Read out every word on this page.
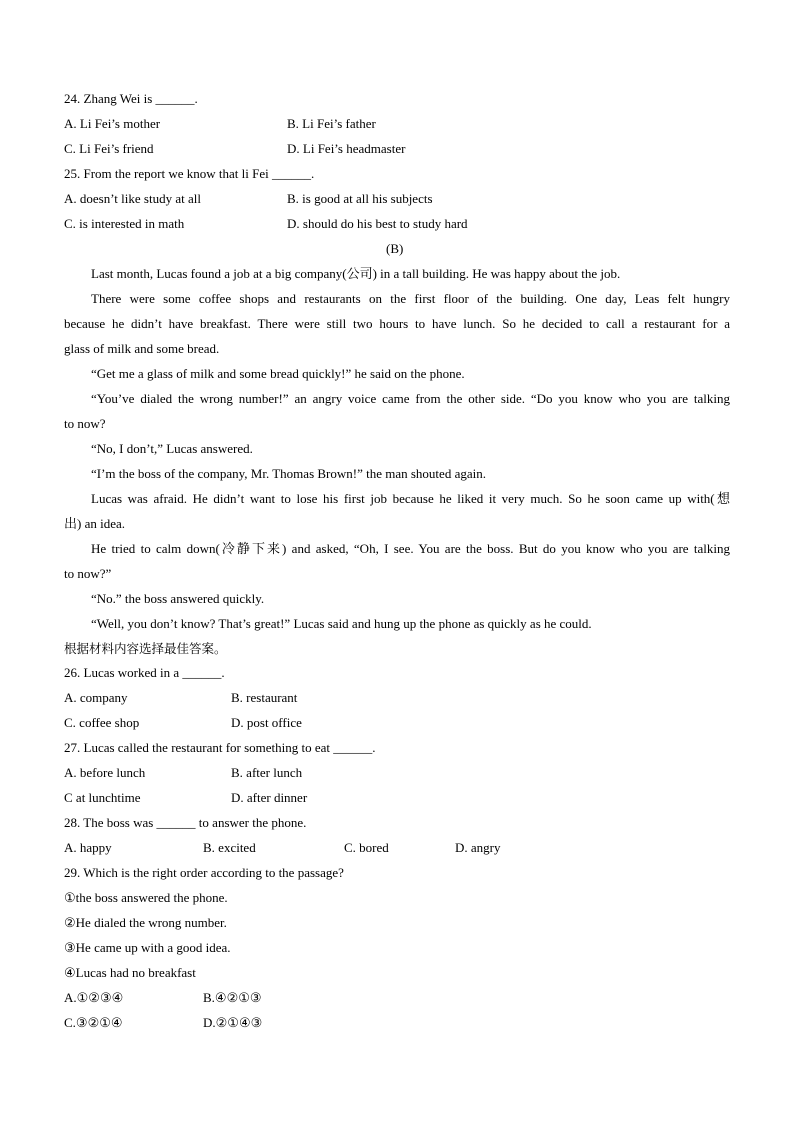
24. Zhang Wei is ______.
A. Li Fei’s mother	B. Li Fei’s father
C. Li Fei’s friend	D. Li Fei’s headmaster
25. From the report we know that li Fei ______.
A. doesn’t like study at all	B. is good at all his subjects
C. is interested in math	D. should do his best to study hard
(B)
Last month, Lucas found a job at a big company(公司) in a tall building. He was happy about the job.
There were some coffee shops and restaurants on the first floor of the building. One day, Leas felt hungry
because he didn’t have breakfast. There were still two hours to have lunch. So he decided to call a restaurant for a
glass of milk and some bread.
“Get me a glass of milk and some bread quickly!” he said on the phone.
“You’ve dialed the wrong number!” an angry voice came from the other side. “Do you know who you are talking
to now?
“No, I don’t,” Lucas answered.
“I’m the boss of the company, Mr. Thomas Brown!” the man shouted again.
Lucas was afraid. He didn’t want to lose his first job because he liked it very much. So he soon came up with(想
出) an idea.
He tried to calm down(冷静下来) and asked, “Oh, I see. You are the boss. But do you know who you are talking
to now?”
“No.” the boss answered quickly.
“Well, you don’t know? That’s great!” Lucas said and hung up the phone as quickly as he could.
根据材料内容选择最佳答案。
26. Lucas worked in a ______.
A. company	B. restaurant
C. coffee shop	D. post office
27. Lucas called the restaurant for something to eat ______.
A. before lunch	B. after lunch
C at lunchtime	D. after dinner
28. The boss was ______ to answer the phone.
A. happy	B. excited	C. bored	D. angry
29. Which is the right order according to the passage?
①the boss answered the phone.
②He dialed the wrong number.
③He came up with a good idea.
④Lucas had no breakfast
A.①②③④	B.④②①③
C.③②①④	D.②①④③
